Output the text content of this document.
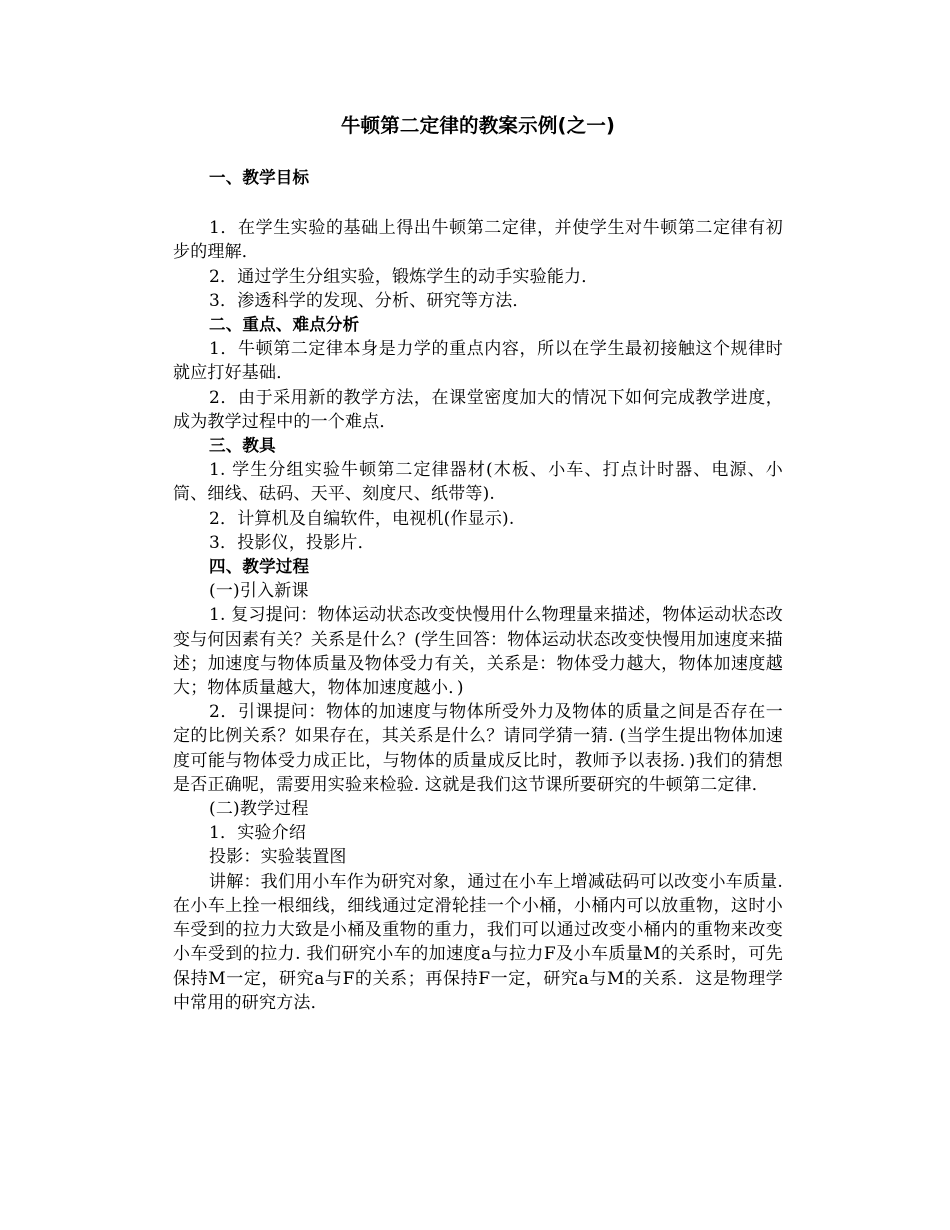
牛顿第二定律的教案示例(之一)

一、教学目标

1．在学生实验的基础上得出牛顿第二定律，并使学生对牛顿第二定律有初步的理解．

2．通过学生分组实验，锻炼学生的动手实验能力．

3．渗透科学的发现、分析、研究等方法．

二、重点、难点分析

1．牛顿第二定律本身是力学的重点内容，所以在学生最初接触这个规律时就应打好基础．

2．由于采用新的教学方法，在课堂密度加大的情况下如何完成教学进度，成为教学过程中的一个难点．

三、教具

1. 学生分组实验牛顿第二定律器材(木板、小车、打点计时器、电源、小筒、细线、砝码、天平、刻度尺、纸带等).

2．计算机及自编软件，电视机(作显示).

3．投影仪，投影片．

四、教学过程

(一)引入新课

1. 复习提问：物体运动状态改变快慢用什么物理量来描述，物体运动状态改变与何因素有关？关系是什么？(学生回答：物体运动状态改变快慢用加速度来描述；加速度与物体质量及物体受力有关，关系是：物体受力越大，物体加速度越大；物体质量越大，物体加速度越小．)

2．引课提问：物体的加速度与物体所受外力及物体的质量之间是否存在一定的比例关系？如果存在，其关系是什么？请同学猜一猜. (当学生提出物体加速度可能与物体受力成正比，与物体的质量成反比时，教师予以表扬．)我们的猜想是否正确呢，需要用实验来检验. 这就是我们这节课所要研究的牛顿第二定律．

(二)教学过程

1．实验介绍

投影：实验装置图

讲解：我们用小车作为研究对象，通过在小车上增减砝码可以改变小车质量. 在小车上拴一根细线，细线通过定滑轮挂一个小桶，小桶内可以放重物，这时小车受到的拉力大致是小桶及重物的重力，我们可以通过改变小桶内的重物来改变小车受到的拉力. 我们研究小车的加速度a与拉力F及小车质量M的关系时，可先保持M一定，研究a与F的关系；再保持F一定，研究a与M的关系．这是物理学中常用的研究方法．
